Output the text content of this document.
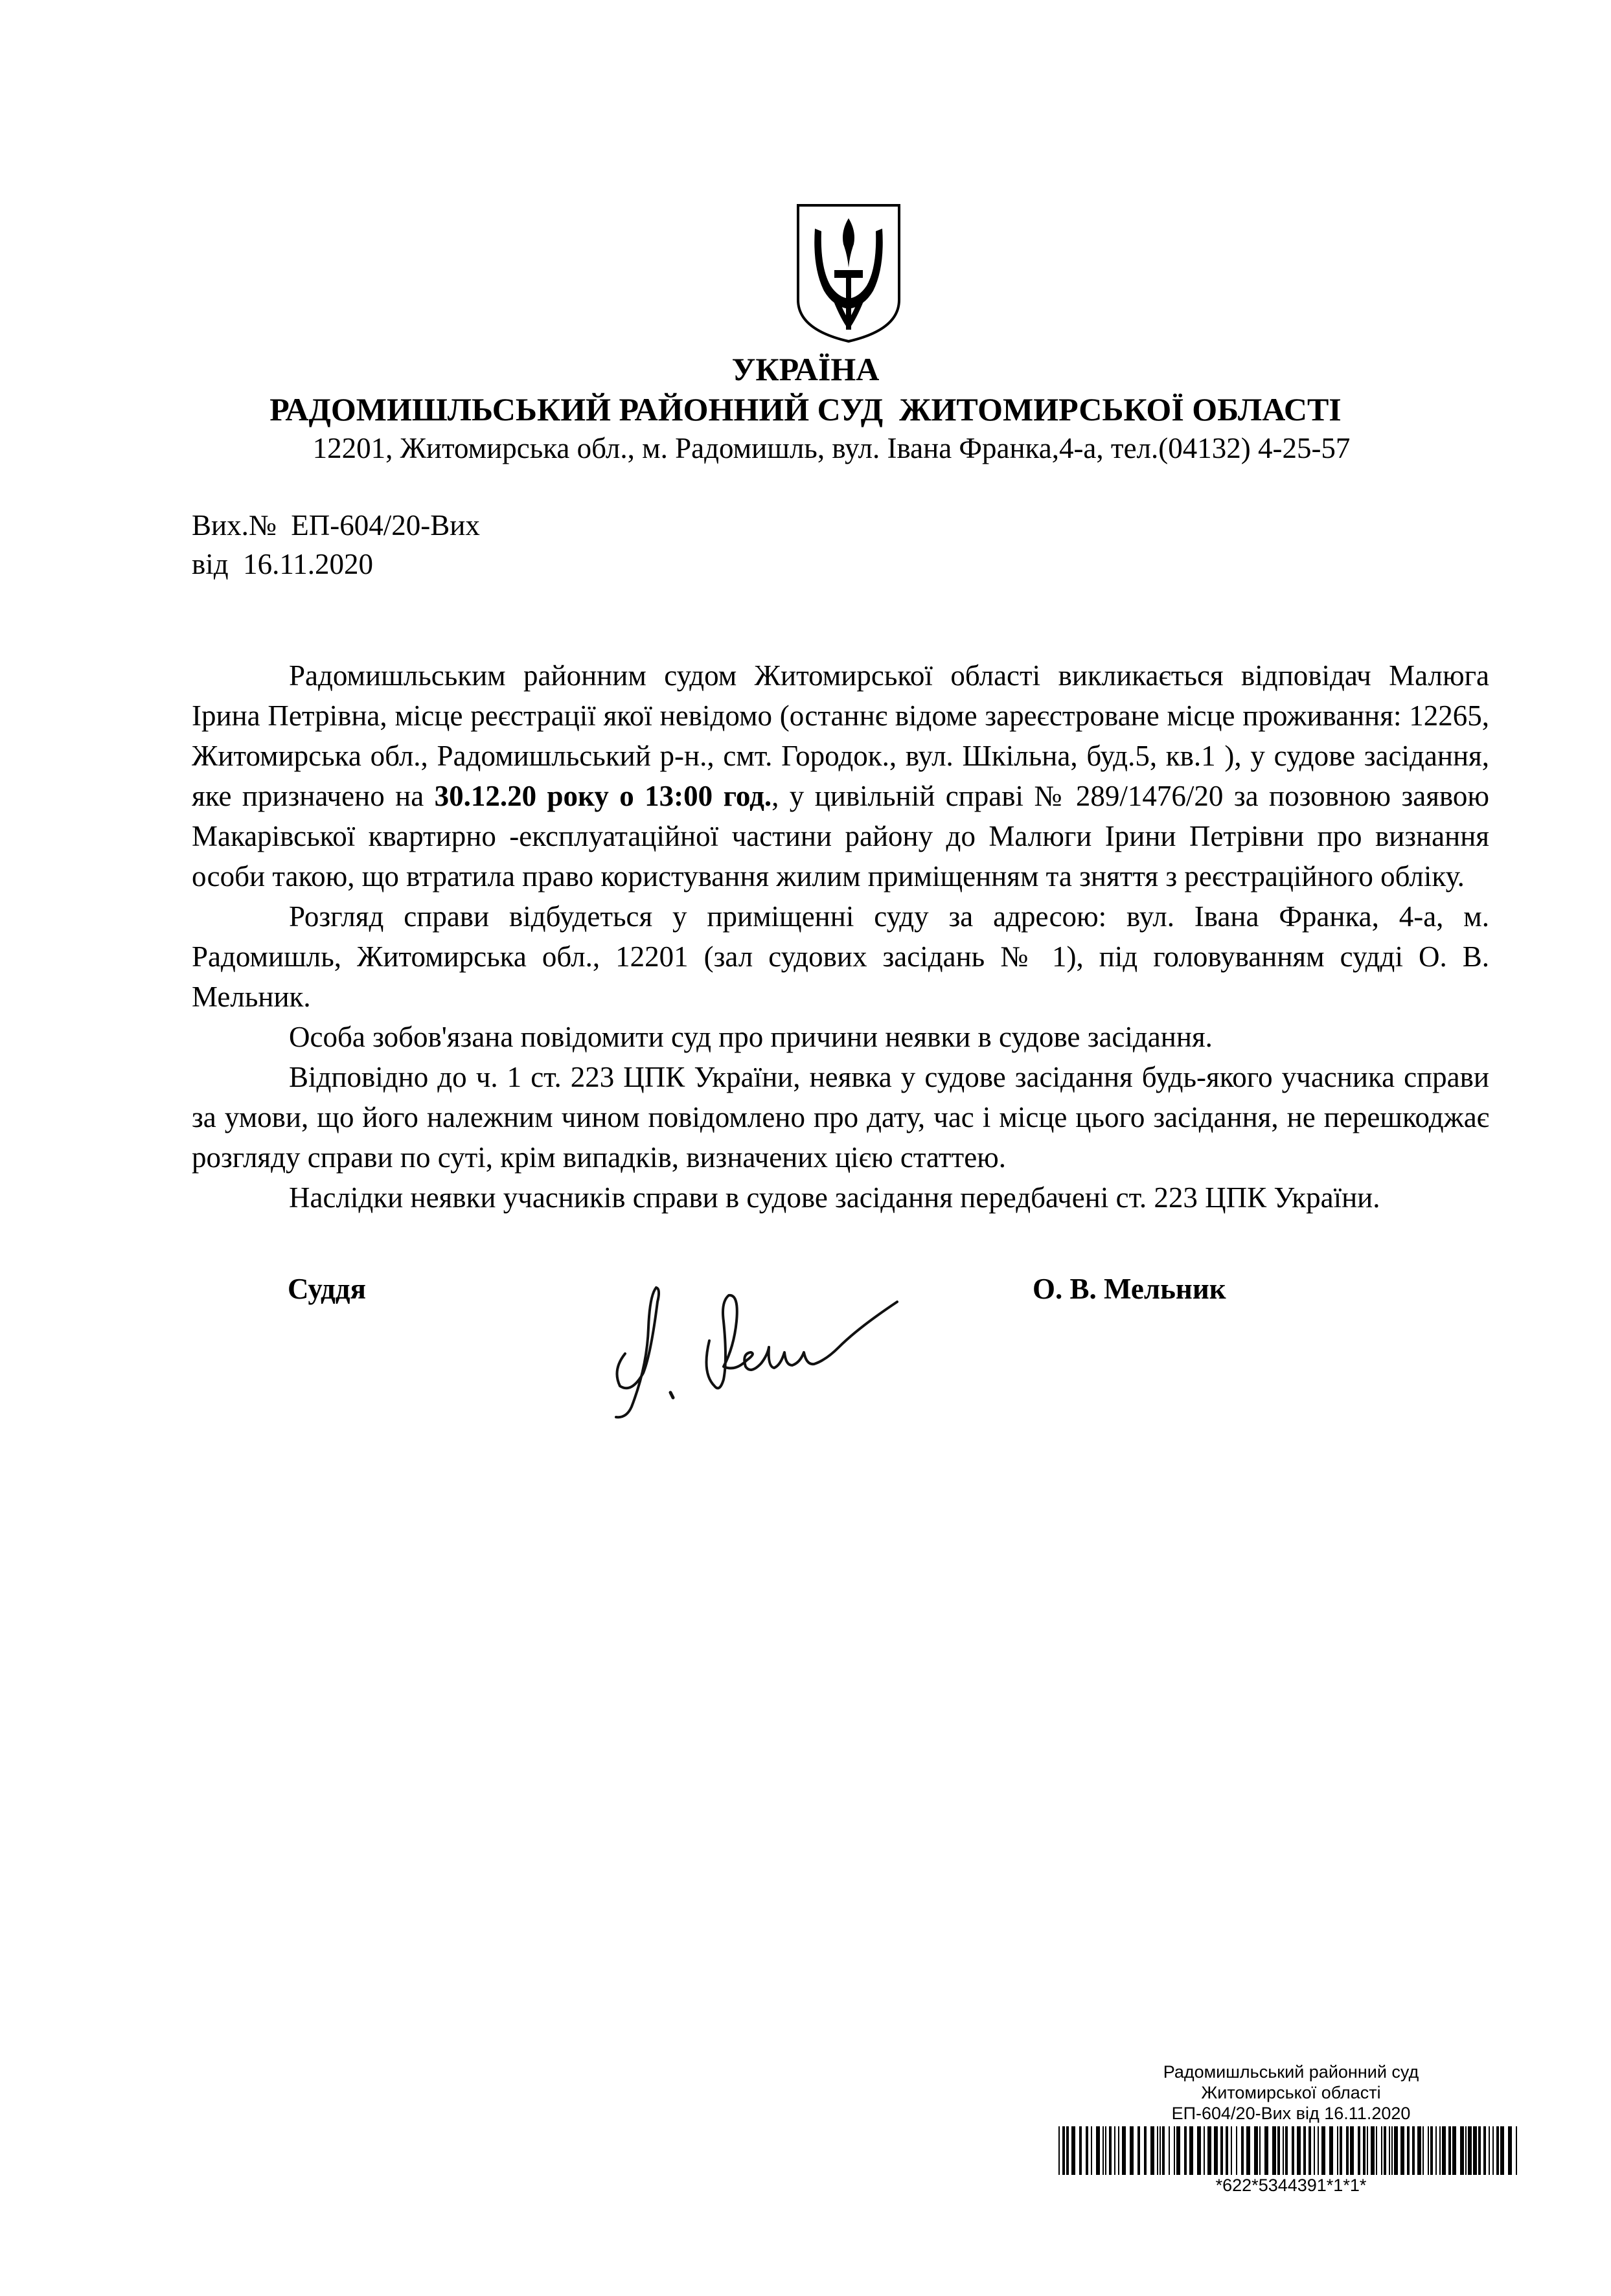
УКРАЇНА
РАДОМИШЛЬСЬКИЙ РАЙОННИЙ СУД  ЖИТОМИРСЬКОЇ ОБЛАСТІ
12201, Житомирська обл., м. Радомишль, вул. Івана Франка,4-а, тел.(04132) 4-25-57
Вих.№  ЕП-604/20-Вих
від  16.11.2020

Радомишльським районним судом Житомирської області викликається відповідач Малюга Ірина Петрівна, місце реєстрації якої невідомо (останнє відоме зареєстроване місце проживання: 12265, Житомирська обл., Радомишльський р-н., смт. Городок., вул. Шкільна, буд.5, кв.1 ), у судове засідання, яке призначено на 30.12.20 року о 13:00 год., у цивільній справі № 289/1476/20 за позовною заявою Макарівської квартирно -експлуатаційної частини району до Малюги Ірини Петрівни про визнання особи такою, що втратила право користування жилим приміщенням та зняття з реєстраційного обліку.

Розгляд справи відбудеться у приміщенні суду за адресою: вул. Івана Франка, 4-а, м. Радомишль, Житомирська обл., 12201 (зал судових засідань № 1), під головуванням судді О. В. Мельник.

Особа зобов'язана повідомити суд про причини неявки в судове засідання.

Відповідно до ч. 1 ст. 223 ЦПК України, неявка у судове засідання будь-якого учасника справи за умови, що його належним чином повідомлено про дату, час і місце цього засідання, не перешкоджає розгляду справи по суті, крім випадків, визначених цією статтею.

Наслідки неявки учасників справи в судове засідання передбачені ст. 223 ЦПК України.

Суддя	О. В. Мельник
Радомишльський районний суд
Житомирської області
ЕП-604/20-Вих від 16.11.2020
*622*5344391*1*1*
